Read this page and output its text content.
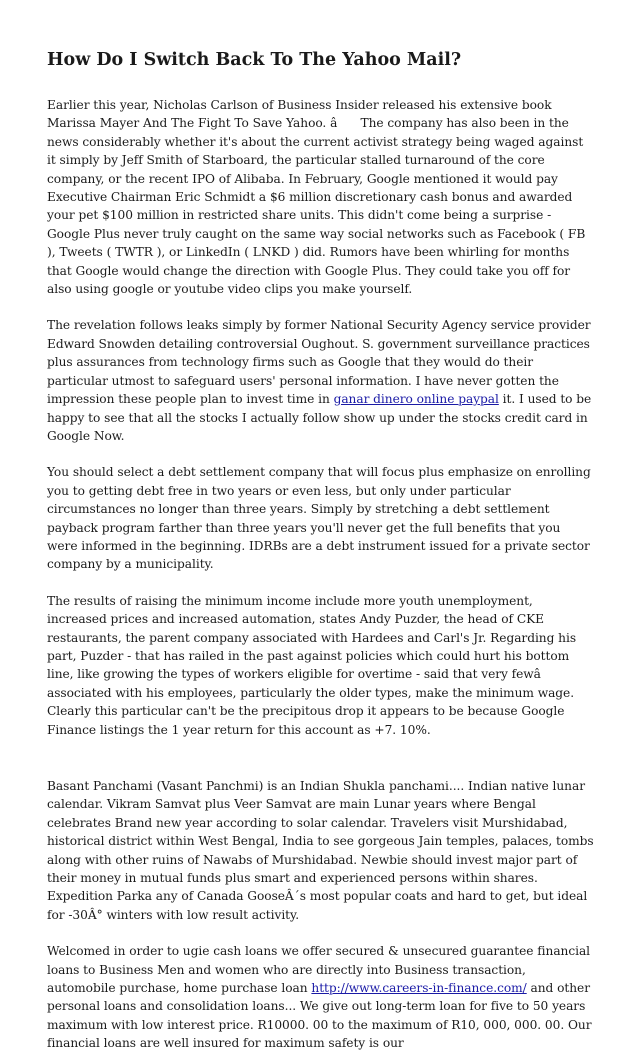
How Do I Switch Back To The Yahoo Mail?

Earlier this year, Nicholas Carlson of Business Insider released his extensive book Marissa Mayer And The Fight To Save Yahoo. â The company has also been in the news considerably whether it's about the current activist strategy being waged against it simply by Jeff Smith of Starboard, the particular stalled turnaround of the core company, or the recent IPO of Alibaba. In February, Google mentioned it would pay Executive Chairman Eric Schmidt a $6 million discretionary cash bonus and awarded your pet $100 million in restricted share units. This didn't come being a surprise - Google Plus never truly caught on the same way social networks such as Facebook ( FB ), Tweets ( TWTR ), or LinkedIn ( LNKD ) did. Rumors have been whirling for months that Google would change the direction with Google Plus. They could take you off for also using google or youtube video clips you make yourself.

The revelation follows leaks simply by former National Security Agency service provider Edward Snowden detailing controversial Oughout. S. government surveillance practices plus assurances from technology firms such as Google that they would do their particular utmost to safeguard users' personal information. I have never gotten the impression these people plan to invest time in ganar dinero online paypal it. I used to be happy to see that all the stocks I actually follow show up under the stocks credit card in Google Now.

You should select a debt settlement company that will focus plus emphasize on enrolling you to getting debt free in two years or even less, but only under particular circumstances no longer than three years. Simply by stretching a debt settlement payback program farther than three years you'll never get the full benefits that you were informed in the beginning. IDRBs are a debt instrument issued for a private sector company by a municipality.

The results of raising the minimum income include more youth unemployment, increased prices and increased automation, states Andy Puzder, the head of CKE restaurants, the parent company associated with Hardees and Carl's Jr. Regarding his part, Puzder - that has railed in the past against policies which could hurt his bottom line, like growing the types of workers eligible for overtime - said that very fewâ associated with his employees, particularly the older types, make the minimum wage. Clearly this particular can't be the precipitous drop it appears to be because Google Finance listings the 1 year return for this account as +7. 10%.

Basant Panchami (Vasant Panchmi) is an Indian Shukla panchami.... Indian native lunar calendar. Vikram Samvat plus Veer Samvat are main Lunar years where Bengal celebrates Brand new year according to solar calendar. Travelers visit Murshidabad, historical district within West Bengal, India to see gorgeous Jain temples, palaces, tombs along with other ruins of Nawabs of Murshidabad. Newbie should invest major part of their money in mutual funds plus smart and experienced persons within shares. Expedition Parka any of Canada GooseÂ´s most popular coats and hard to get, but ideal for -30Â° winters with low result activity.

Welcomed in order to ugie cash loans we offer secured & unsecured guarantee financial loans to Business Men and women who are directly into Business transaction, automobile purchase, home purchase loan http://www.careers-in-finance.com/ and other personal loans and consolidation loans... We give out long-term loan for five to 50 years maximum with low interest price. R10000. 00 to the maximum of R10, 000, 000. 00. Our financial loans are well insured for maximum safety is our
